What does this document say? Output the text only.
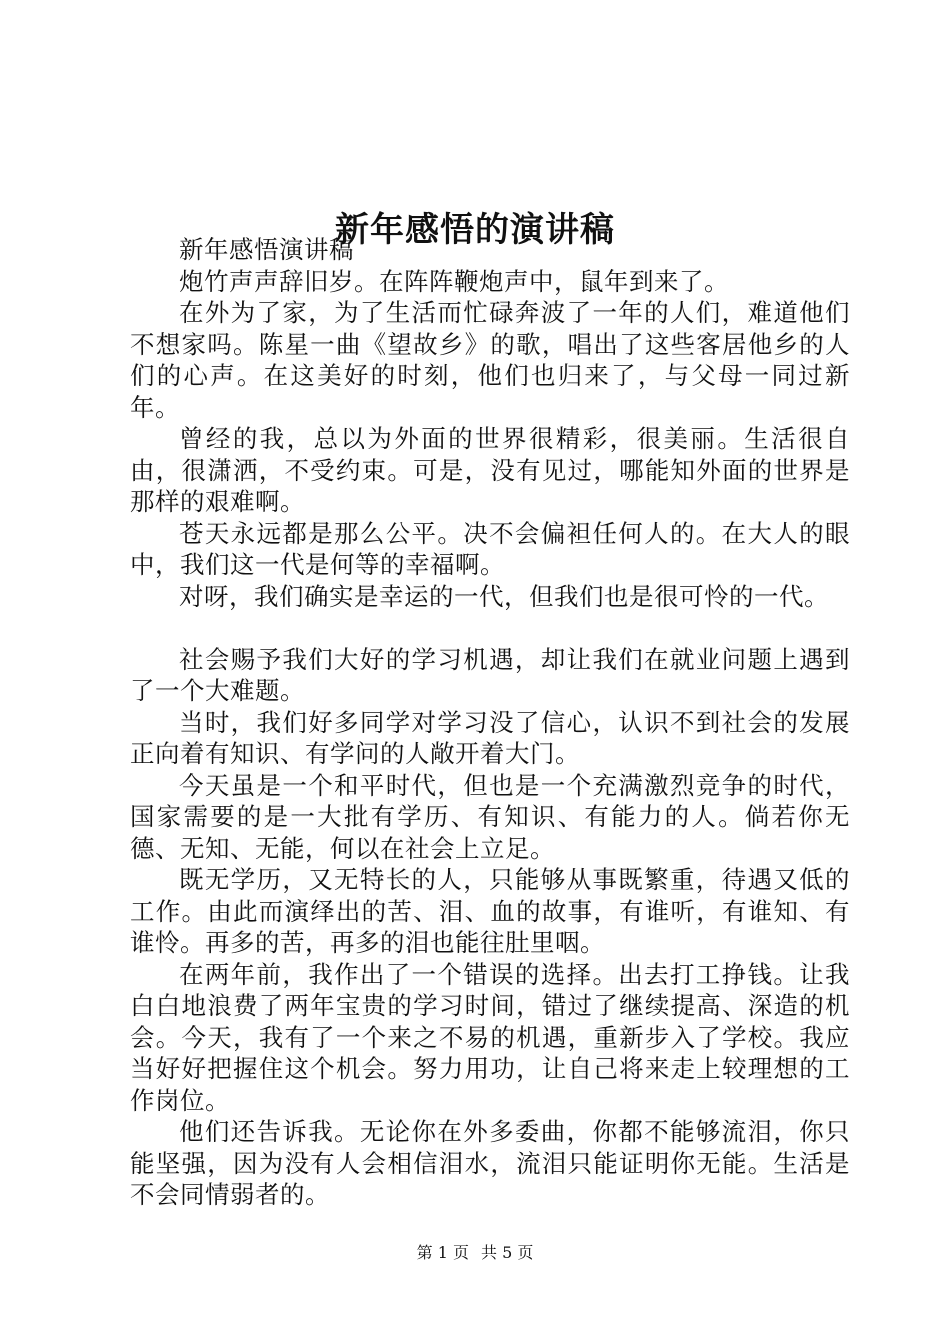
新年感悟的演讲稿

新年感悟演讲稿

炮竹声声辞旧岁。在阵阵鞭炮声中，鼠年到来了。

在外为了家，为了生活而忙碌奔波了一年的人们，难道他们不想家吗。陈星一曲《望故乡》的歌，唱出了这些客居他乡的人们的心声。在这美好的时刻，他们也归来了，与父母一同过新年。

曾经的我，总以为外面的世界很精彩，很美丽。生活很自由，很潇洒，不受约束。可是，没有见过，哪能知外面的世界是那样的艰难啊。

苍天永远都是那么公平。决不会偏袒任何人的。在大人的眼中，我们这一代是何等的幸福啊。

对呀，我们确实是幸运的一代，但我们也是很可怜的一代。

社会赐予我们大好的学习机遇，却让我们在就业问题上遇到了一个大难题。

当时，我们好多同学对学习没了信心，认识不到社会的发展正向着有知识、有学问的人敞开着大门。

今天虽是一个和平时代，但也是一个充满激烈竞争的时代，国家需要的是一大批有学历、有知识、有能力的人。倘若你无德、无知、无能，何以在社会上立足。

既无学历，又无特长的人，只能够从事既繁重，待遇又低的工作。由此而演绎出的苦、泪、血的故事，有谁听，有谁知、有谁怜。再多的苦，再多的泪也能往肚里咽。

在两年前，我作出了一个错误的选择。出去打工挣钱。让我白白地浪费了两年宝贵的学习时间，错过了继续提高、深造的机会。今天，我有了一个来之不易的机遇，重新步入了学校。我应当好好把握住这个机会。努力用功，让自己将来走上较理想的工作岗位。

他们还告诉我。无论你在外多委曲，你都不能够流泪，你只能坚强，因为没有人会相信泪水，流泪只能证明你无能。生活是不会同情弱者的。

第 1 页 共 5 页
